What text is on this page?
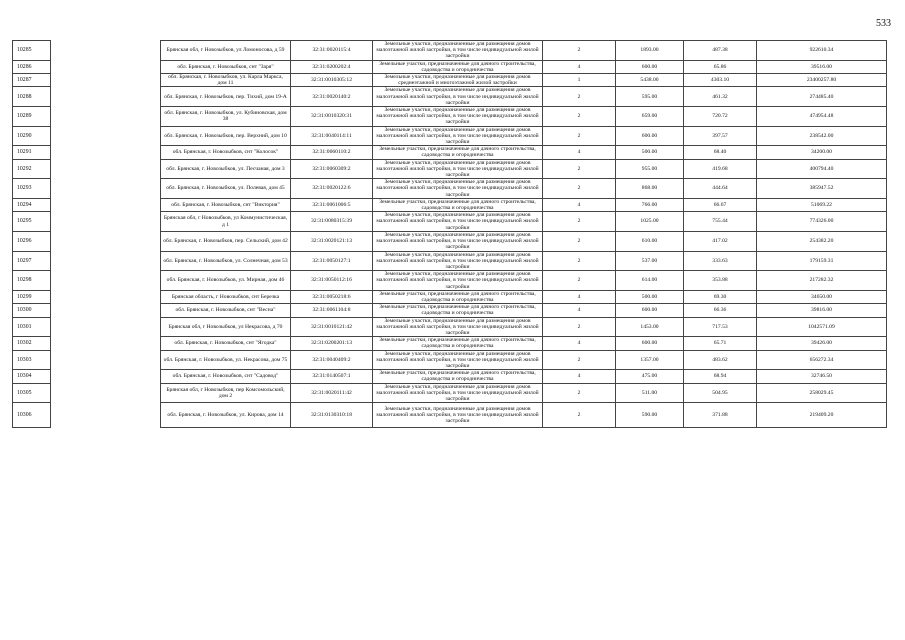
533
10285		Брянская обл, г Новозыбков, ул Ломоносова, д 59	32:31:0020115:4	Земельные участки, предназначенные для размещения домов малоэтажной жилой застройки, в том числе индивидуальной жилой застройки	2	1893.00	487.38	922610.34
10286		обл. Брянская, г. Новозыбков, снт "Заря"	32:31:0200202:4	Земельные участки, предназначенные для дачного строительства, садоводства и огородничества	4	600.00	65.86	39516.00
10287		обл. Брянская, г. Новозыбков, ул. Карла Маркса, дом 11	32:31:0010305:12	Земельные участки, предназначенные для размещения домов среднеэтажной и многоэтажной жилой застройки	1	5438.00	4303.10	23400257.80
10288		обл. Брянская, г. Новозыбков, пер. Тихий, дом 19-А	32:31:0020140:2	Земельные участки, предназначенные для размещения домов малоэтажной жилой застройки, в том числе индивидуальной жилой застройки	2	595.00	461.32	274485.40
10289		обл. Брянская, г. Новозыбков, ул. Кубиновская, дом 38	32:31:0010320:31	Земельные участки, предназначенные для размещения домов малоэтажной жилой застройки, в том числе индивидуальной жилой застройки	2	659.00	720.72	474954.48
10290		обл. Брянская, г. Новозыбков, пер. Верхний, дом 10	32:31:0040114:11	Земельные участки, предназначенные для размещения домов малоэтажной жилой застройки, в том числе индивидуальной жилой застройки	2	600.00	397.57	238542.00
10291		обл. Брянская, г. Новозыбков, снт "Колосок"	32:31:0060110:2	Земельные участки, предназначенные для дачного строительства, садоводства и огородничества	4	500.00	68.40	34200.00
10292		обл. Брянская, г. Новозыбков, ул. Песчаная, дом 3	32:31:0060309:2	Земельные участки, предназначенные для размещения домов малоэтажной жилой застройки, в том числе индивидуальной жилой застройки	2	955.00	419.68	400794.40
10293		обл. Брянская, г. Новозыбков, ул. Полевая, дом 45	32:31:0020122:6	Земельные участки, предназначенные для размещения домов малоэтажной жилой застройки, в том числе индивидуальной жилой застройки	2	868.00	444.64	385947.52
10294		обл. Брянская, г. Новозыбков, снт "Виктория"	32:31:0061006:5	Земельные участки, предназначенные для дачного строительства, садоводства и огородничества	4	766.00	66.67	51069.22
10295		Брянская обл, г Новозыбков, ул Коммунистическая, д 1	32:31:0080315:39	Земельные участки, предназначенные для размещения домов малоэтажной жилой застройки, в том числе индивидуальной жилой застройки	2	1025.00	755.44	774326.00
10296		обл. Брянская, г. Новозыбков, пер. Сельский, дом 42	32:31:0020121:13	Земельные участки, предназначенные для размещения домов малоэтажной жилой застройки, в том числе индивидуальной жилой застройки	2	610.00	417.02	254382.20
10297		обл. Брянская, г. Новозыбков, ул. Солнечная, дом 53	32:31:0050127:1	Земельные участки, предназначенные для размещения домов малоэтажной жилой застройки, в том числе индивидуальной жилой застройки	2	537.00	333.63	179159.31
10298		обл. Брянская, г. Новозыбков, ул. Мирная, дом 46	32:31:0050112:16	Земельные участки, предназначенные для размещения домов малоэтажной жилой застройки, в том числе индивидуальной жилой застройки	2	614.00	353.88	217282.32
10299		Брянская область, г Новозыбков, снт Березка	32:31:0050218:6	Земельные участки, предназначенные для дачного строительства, садоводства и огородничества	4	500.00	69.30	34650.00
10300		обл. Брянская, г. Новозыбков, снт "Весна"	32:31:0061104:8	Земельные участки, предназначенные для дачного строительства, садоводства и огородничества	4	600.00	66.36	39816.00
10301		Брянская обл, г Новозыбков, ул Некрасова, д 70	32:31:0010121:42	Земельные участки, предназначенные для размещения домов малоэтажной жилой застройки, в том числе индивидуальной жилой застройки	2	1453.00	717.53	1042571.09
10302		обл. Брянская, г. Новозыбков, снт "Ягодка"	32:31:0200201:13	Земельные участки, предназначенные для дачного строительства, садоводства и огородничества	4	600.00	65.71	39426.00
10303		обл. Брянская, г. Новозыбков, ул. Некрасова, дом 75	32:31:0040409:2	Земельные участки, предназначенные для размещения домов малоэтажной жилой застройки, в том числе индивидуальной жилой застройки	2	1357.00	483.62	656272.34
10304		обл. Брянская, г. Новозыбков, снт "Садовод"	32:31:0140507:1	Земельные участки, предназначенные для дачного строительства, садоводства и огородничества	4	475.00	68.94	32746.50
10305		Брянская обл, г Новозыбков, пер Комсомольский, дом 2	32:31:0020111:42	Земельные участки, предназначенные для размещения домов малоэтажной жилой застройки, в том числе индивидуальной жилой застройки	2	511.00	504.95	258029.45
10306		обл. Брянская, г. Новозыбков, ул. Кирова, дом 14	32:31:0130310:18	Земельные участки, предназначенные для размещения домов малоэтажной жилой застройки, в том числе индивидуальной жилой застройки	2	590.00	371.88	219409.20
